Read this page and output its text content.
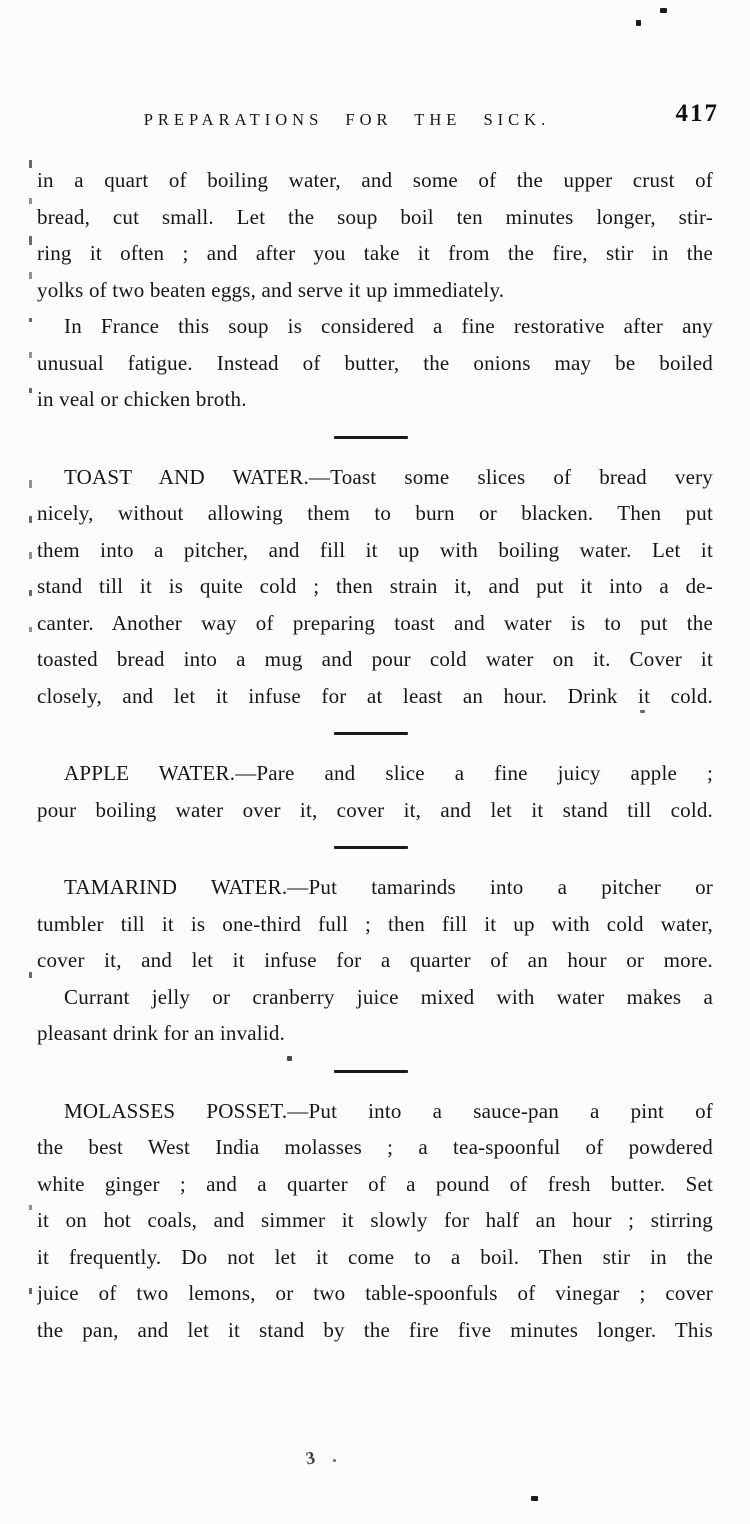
PREPARATIONS FOR THE SICK.	417
in a quart of boiling water, and some of the upper crust of
bread, cut small. Let the soup boil ten minutes longer, stir-
ring it often ; and after you take it from the fire, stir in the
yolks of two beaten eggs, and serve it up immediately.
In France this soup is considered a fine restorative after any
unusual fatigue. Instead of butter, the onions may be boiled
in veal or chicken broth.
TOAST AND WATER.—Toast some slices of bread very
nicely, without allowing them to burn or blacken. Then put
them into a pitcher, and fill it up with boiling water. Let it
stand till it is quite cold ; then strain it, and put it into a de-
canter. Another way of preparing toast and water is to put the
toasted bread into a mug and pour cold water on it. Cover it
closely, and let it infuse for at least an hour. Drink it cold.
APPLE WATER.—Pare and slice a fine juicy apple ;
pour boiling water over it, cover it, and let it stand till cold.
TAMARIND WATER.—Put tamarinds into a pitcher or
tumbler till it is one-third full ; then fill it up with cold water,
cover it, and let it infuse for a quarter of an hour or more.
Currant jelly or cranberry juice mixed with water makes a
pleasant drink for an invalid.
MOLASSES POSSET.—Put into a sauce-pan a pint of
the best West India molasses ; a tea-spoonful of powdered
white ginger ; and a quarter of a pound of fresh butter. Set
it on hot coals, and simmer it slowly for half an hour ; stirring
it frequently. Do not let it come to a boil. Then stir in the
juice of two lemons, or two table-spoonfuls of vinegar ; cover
the pan, and let it stand by the fire five minutes longer. This
3
